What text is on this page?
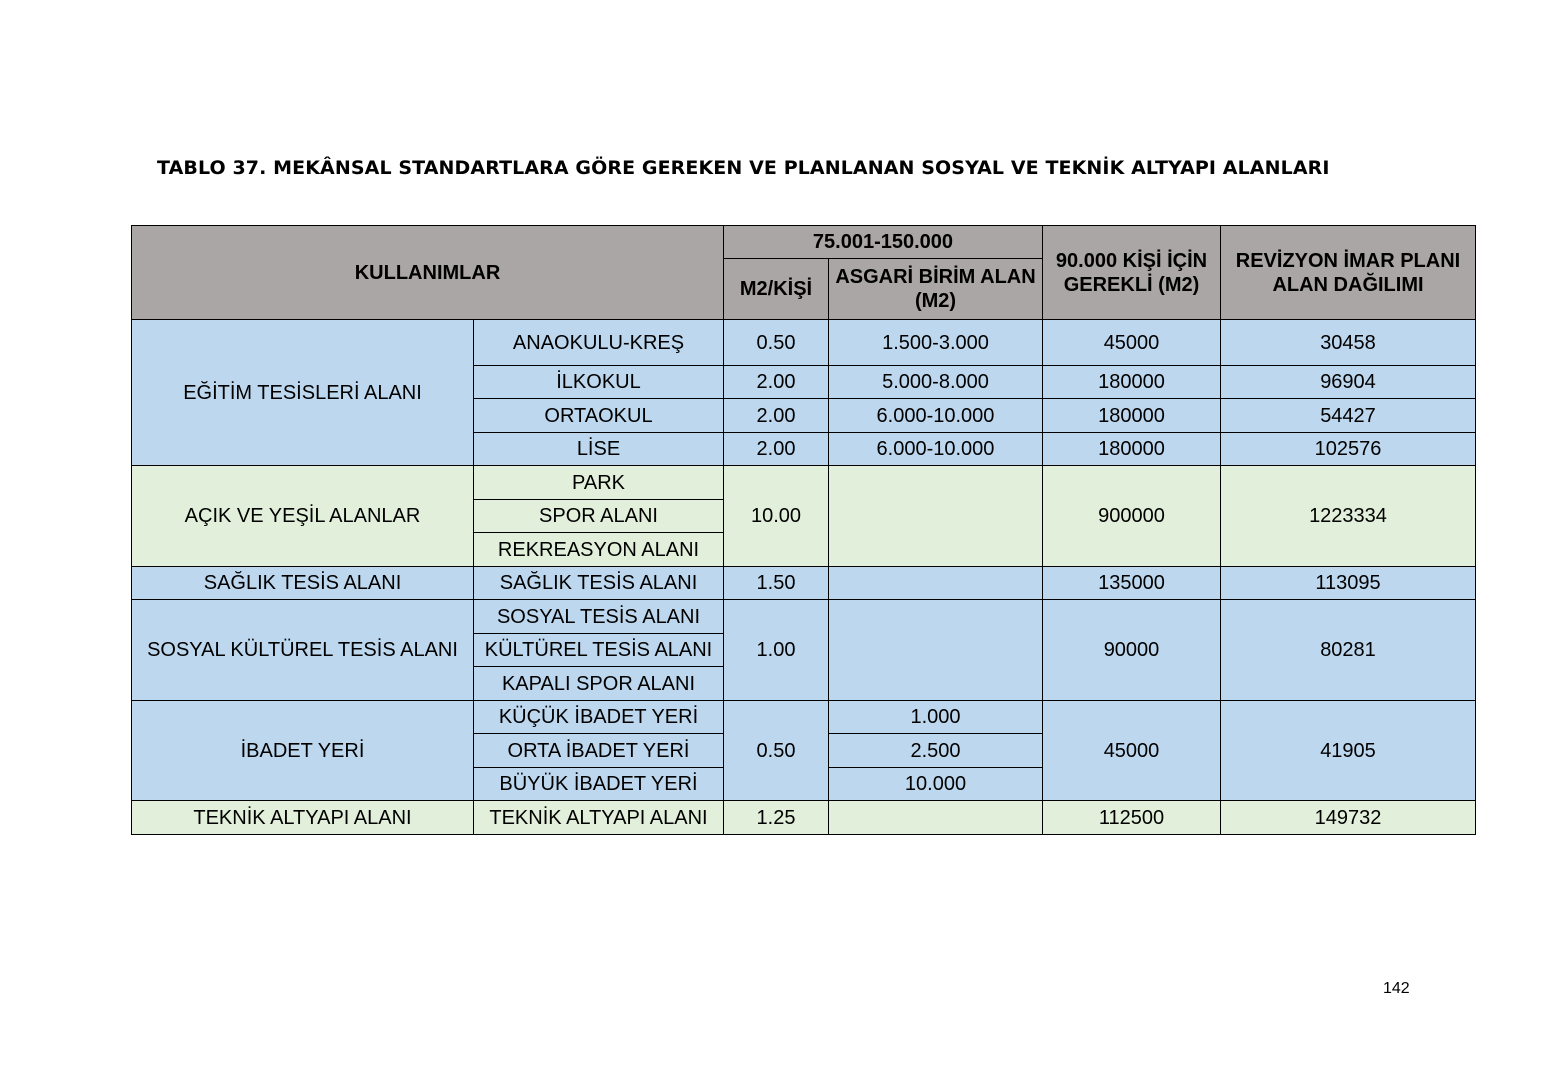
TABLO 37. MEKÂNSAL STANDARTLARA GÖRE GEREKEN VE PLANLANAN SOSYAL VE TEKNİK ALTYAPI ALANLARI
KULLANIMLAR		75.001-150.000		90.000 KİŞİ İÇİN GEREKLİ (M2)	REVİZYON İMAR PLANI ALAN DAĞILIMI
		M2/KİŞİ	ASGARİ BİRİM ALAN (M2)		
EĞİTİM TESİSLERİ ALANI	ANAOKULU-KREŞ	0.50	1.500-3.000	45000	30458
	İLKOKUL	2.00	5.000-8.000	180000	96904
	ORTAOKUL	2.00	6.000-10.000	180000	54427
	LİSE	2.00	6.000-10.000	180000	102576
AÇIK VE YEŞİL ALANLAR	PARK	10.00		900000	1223334
	SPOR ALANI				
	REKREASYON ALANI				
SAĞLIK TESİS ALANI	SAĞLIK TESİS ALANI	1.50		135000	113095
SOSYAL KÜLTÜREL TESİS ALANI	SOSYAL TESİS ALANI	1.00		90000	80281
	KÜLTÜREL TESİS ALANI				
	KAPALI SPOR ALANI				
İBADET YERİ	KÜÇÜK İBADET YERİ	0.50	1.000	45000	41905
	ORTA İBADET YERİ		2.500		
	BÜYÜK İBADET YERİ		10.000		
TEKNİK ALTYAPI ALANI	TEKNİK ALTYAPI ALANI	1.25		112500	149732
142
